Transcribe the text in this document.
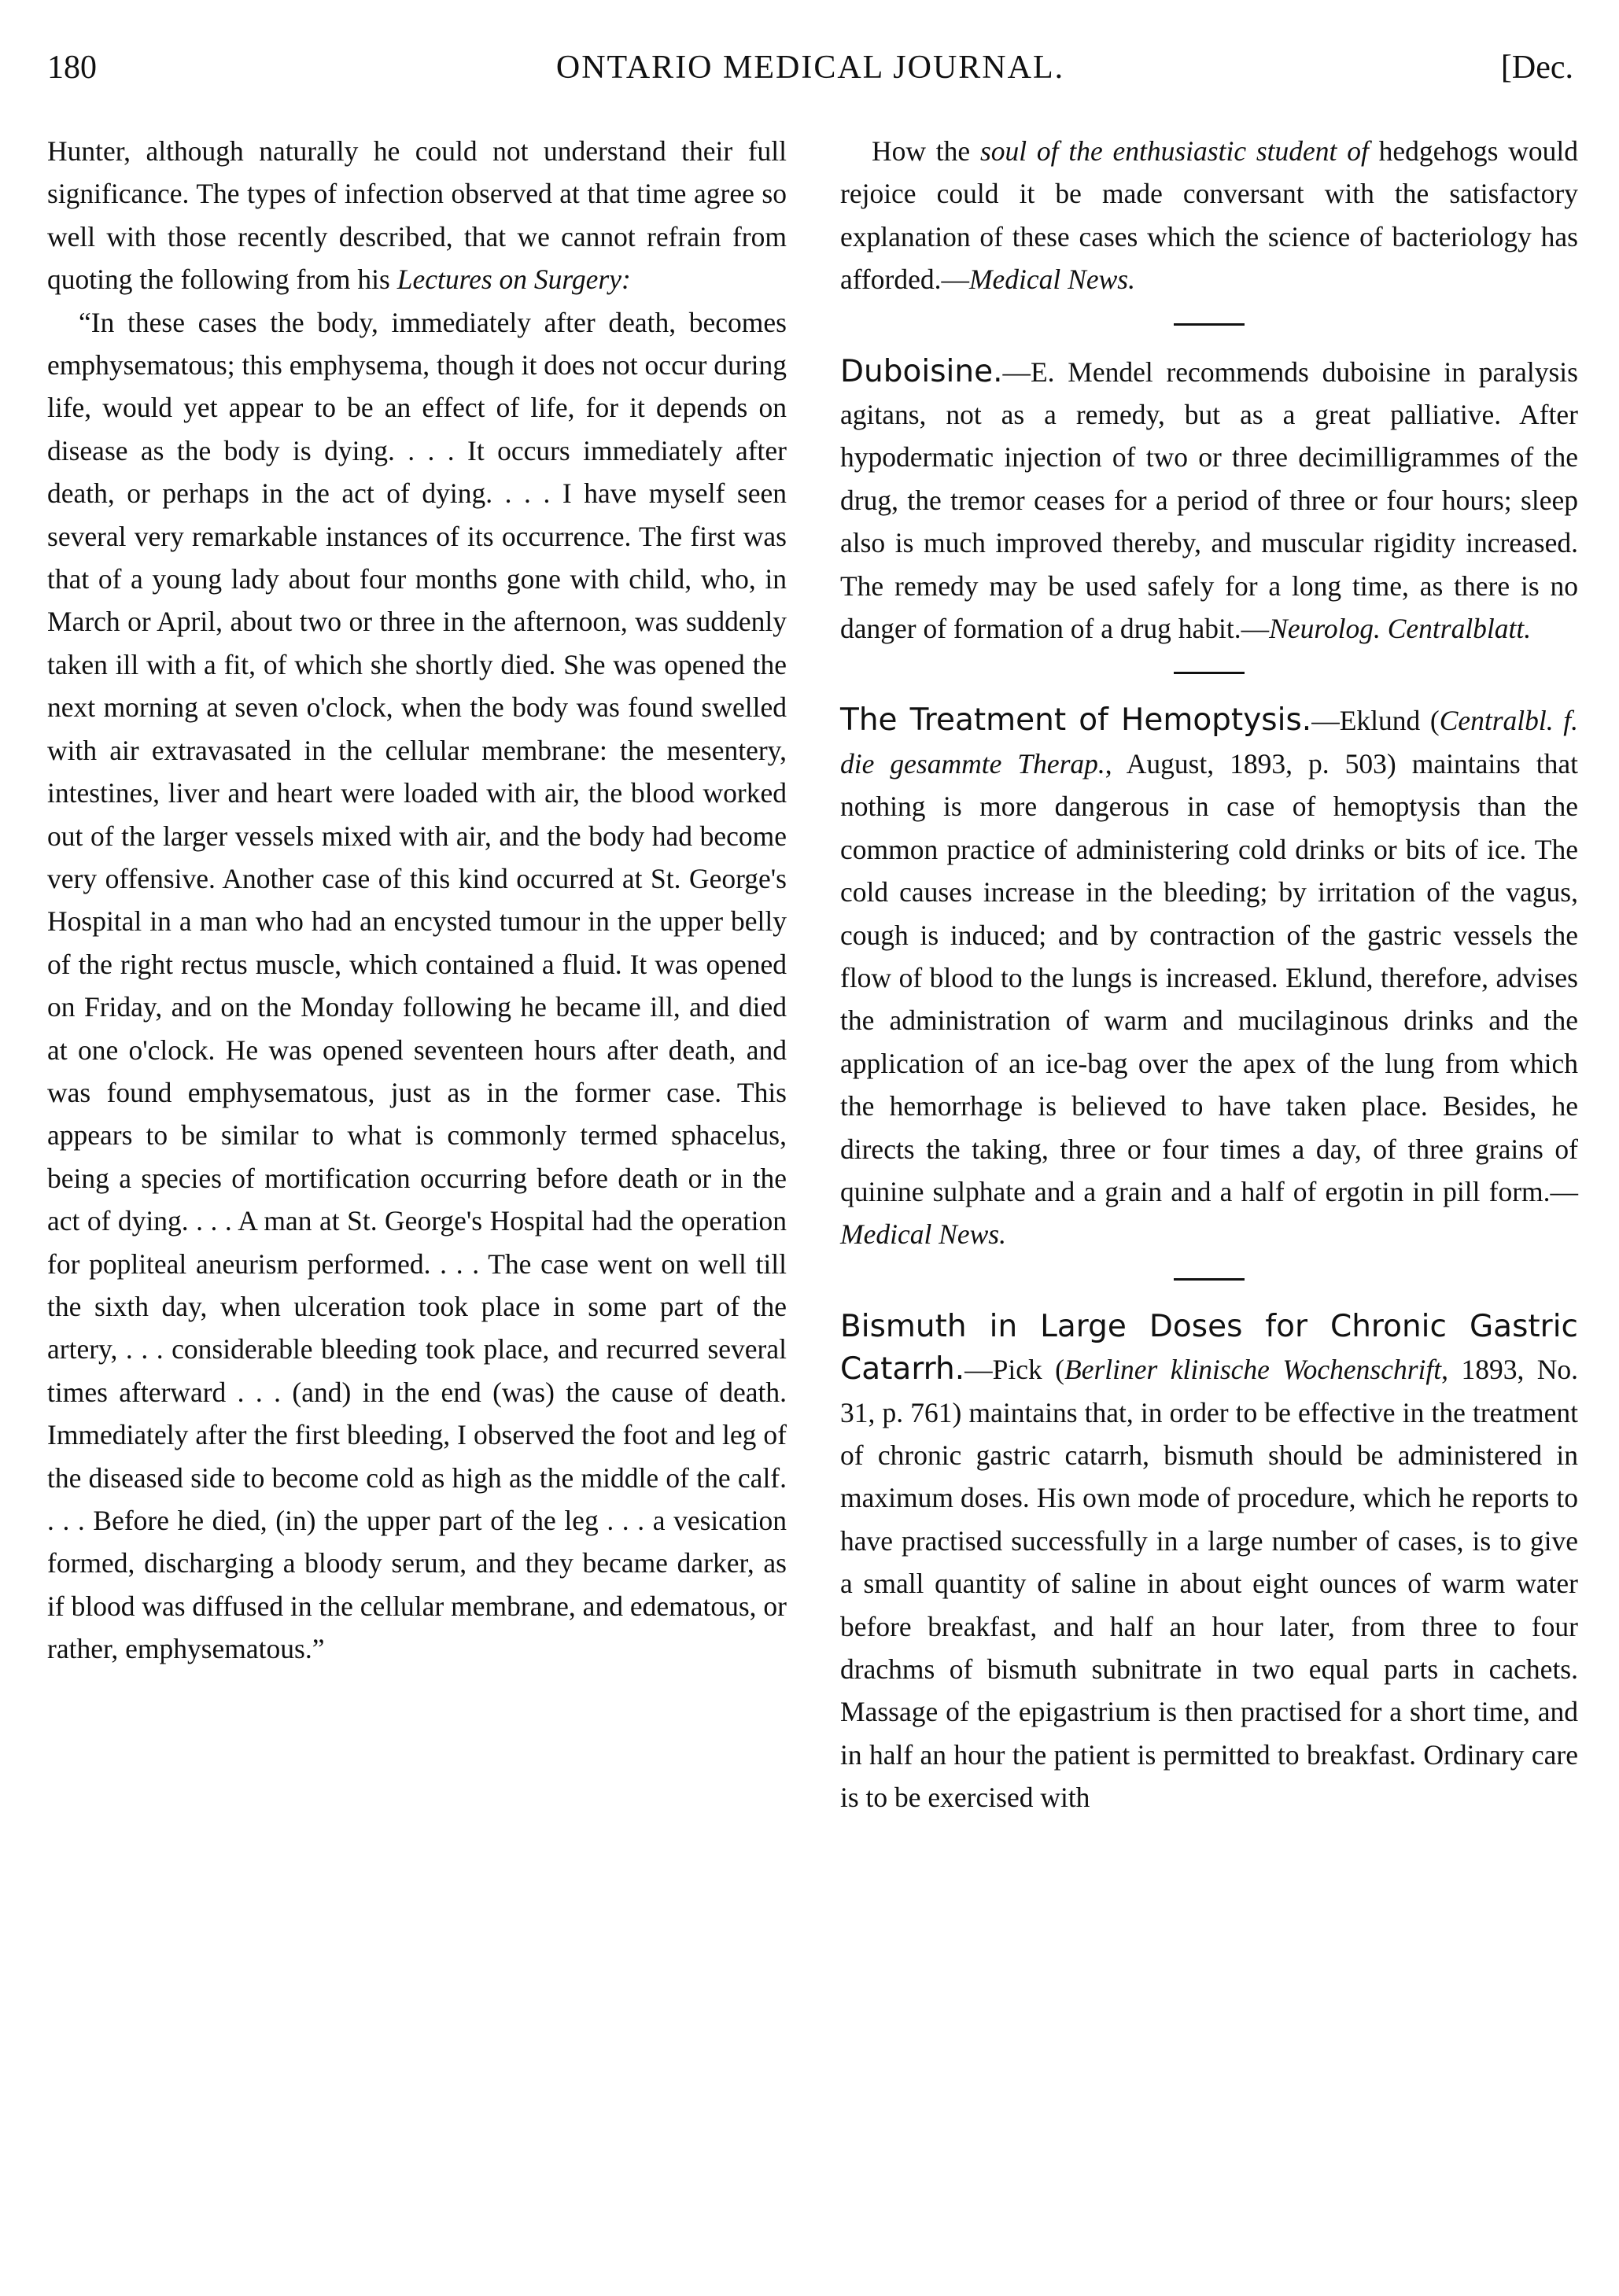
180	ONTARIO MEDICAL JOURNAL.	[Dec.

Hunter, although naturally he could not understand their full significance. The types of infection observed at that time agree so well with those recently described, that we cannot refrain from quoting the following from his Lectures on Surgery:

“In these cases the body, immediately after death, becomes emphysematous; this emphysema, though it does not occur during life, would yet appear to be an effect of life, for it depends on disease as the body is dying. . . . It occurs immediately after death, or perhaps in the act of dying. . . . I have myself seen several very remarkable instances of its occurrence. The first was that of a young lady about four months gone with child, who, in March or April, about two or three in the afternoon, was suddenly taken ill with a fit, of which she shortly died. She was opened the next morning at seven o'clock, when the body was found swelled with air extravasated in the cellular membrane: the mesentery, intestines, liver and heart were loaded with air, the blood worked out of the larger vessels mixed with air, and the body had become very offensive. Another case of this kind occurred at St. George's Hospital in a man who had an encysted tumour in the upper belly of the right rectus muscle, which contained a fluid. It was opened on Friday, and on the Monday following he became ill, and died at one o'clock. He was opened seventeen hours after death, and was found emphysematous, just as in the former case. This appears to be similar to what is commonly termed sphacelus, being a species of mortification occurring before death or in the act of dying. . . . A man at St. George's Hospital had the operation for popliteal aneurism performed. . . . The case went on well till the sixth day, when ulceration took place in some part of the artery, . . . considerable bleeding took place, and recurred several times afterward . . . (and) in the end (was) the cause of death. Immediately after the first bleeding, I observed the foot and leg of the diseased side to become cold as high as the middle of the calf. . . . Before he died, (in) the upper part of the leg . . . a vesication formed, discharging a bloody serum, and they became darker, as if blood was diffused in the cellular membrane, and edematous, or rather, emphysematous.”

How the soul of the enthusiastic student of hedgehogs would rejoice could it be made conversant with the satisfactory explanation of these cases which the science of bacteriology has afforded.—Medical News.

Duboisine.—E. Mendel recommends duboisine in paralysis agitans, not as a remedy, but as a great palliative. After hypodermatic injection of two or three decimilligrammes of the drug, the tremor ceases for a period of three or four hours; sleep also is much improved thereby, and muscular rigidity increased. The remedy may be used safely for a long time, as there is no danger of formation of a drug habit.—Neurolog. Centralblatt.

The Treatment of Hemoptysis.—Eklund (Centralbl. f. die gesammte Therap., August, 1893, p. 503) maintains that nothing is more dangerous in case of hemoptysis than the common practice of administering cold drinks or bits of ice. The cold causes increase in the bleeding; by irritation of the vagus, cough is induced; and by contraction of the gastric vessels the flow of blood to the lungs is increased. Eklund, therefore, advises the administration of warm and mucilaginous drinks and the application of an ice-bag over the apex of the lung from which the hemorrhage is believed to have taken place. Besides, he directs the taking, three or four times a day, of three grains of quinine sulphate and a grain and a half of ergotin in pill form.—Medical News.

Bismuth in Large Doses for Chronic Gastric Catarrh.—Pick (Berliner klinische Wochenschrift, 1893, No. 31, p. 761) maintains that, in order to be effective in the treatment of chronic gastric catarrh, bismuth should be administered in maximum doses. His own mode of procedure, which he reports to have practised successfully in a large number of cases, is to give a small quantity of saline in about eight ounces of warm water before breakfast, and half an hour later, from three to four drachms of bismuth subnitrate in two equal parts in cachets. Massage of the epigastrium is then practised for a short time, and in half an hour the patient is permitted to breakfast. Ordinary care is to be exercised with
